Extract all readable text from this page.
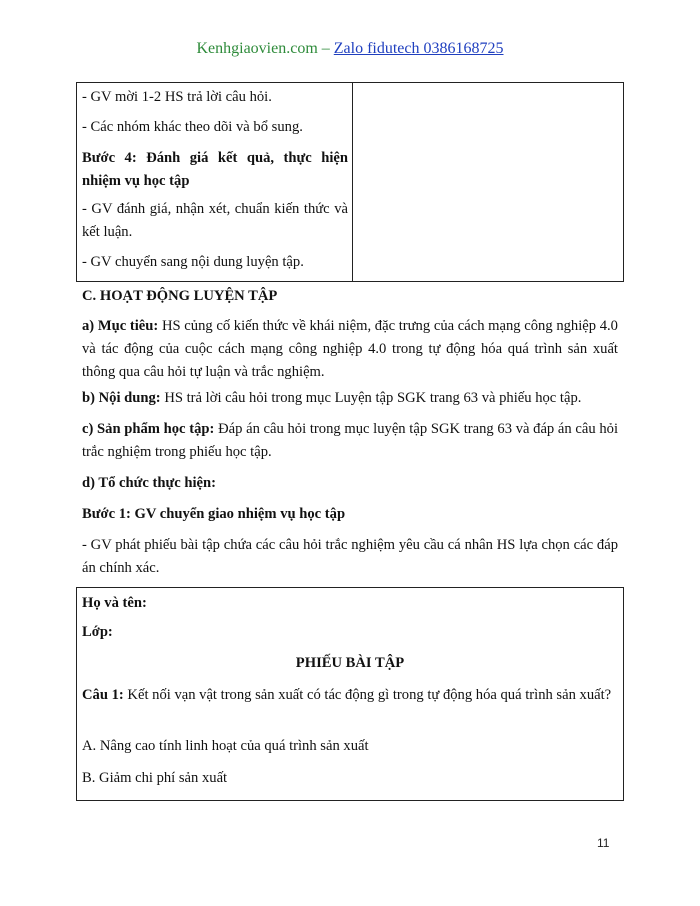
Kenhgiaovien.com – Zalo fidutech 0386168725

- GV mời 1-2 HS trả lời câu hỏi.

- Các nhóm khác theo dõi và bổ sung.

Bước 4: Đánh giá kết quả, thực hiện nhiệm vụ học tập

- GV đánh giá, nhận xét, chuẩn kiến thức và kết luận.

- GV chuyển sang nội dung luyện tập.

C. HOẠT ĐỘNG LUYỆN TẬP

a) Mục tiêu: HS củng cố kiến thức về khái niệm, đặc trưng của cách mạng công nghiệp 4.0 và tác động của cuộc cách mạng công nghiệp 4.0 trong tự động hóa quá trình sản xuất thông qua câu hỏi tự luận và trắc nghiệm.

b) Nội dung: HS trả lời câu hỏi trong mục Luyện tập SGK trang 63 và phiếu học tập.

c) Sản phẩm học tập: Đáp án câu hỏi trong mục luyện tập SGK trang 63 và đáp án câu hỏi trắc nghiệm trong phiếu học tập.

d) Tổ chức thực hiện:

Bước 1: GV chuyển giao nhiệm vụ học tập

- GV phát phiếu bài tập chứa các câu hỏi trắc nghiệm yêu cầu cá nhân HS lựa chọn các đáp án chính xác.

Họ và tên:

Lớp:

PHIẾU BÀI TẬP

Câu 1: Kết nối vạn vật trong sản xuất có tác động gì trong tự động hóa quá trình sản xuất?

A. Nâng cao tính linh hoạt của quá trình sản xuất

B. Giảm chi phí sản xuất

11
